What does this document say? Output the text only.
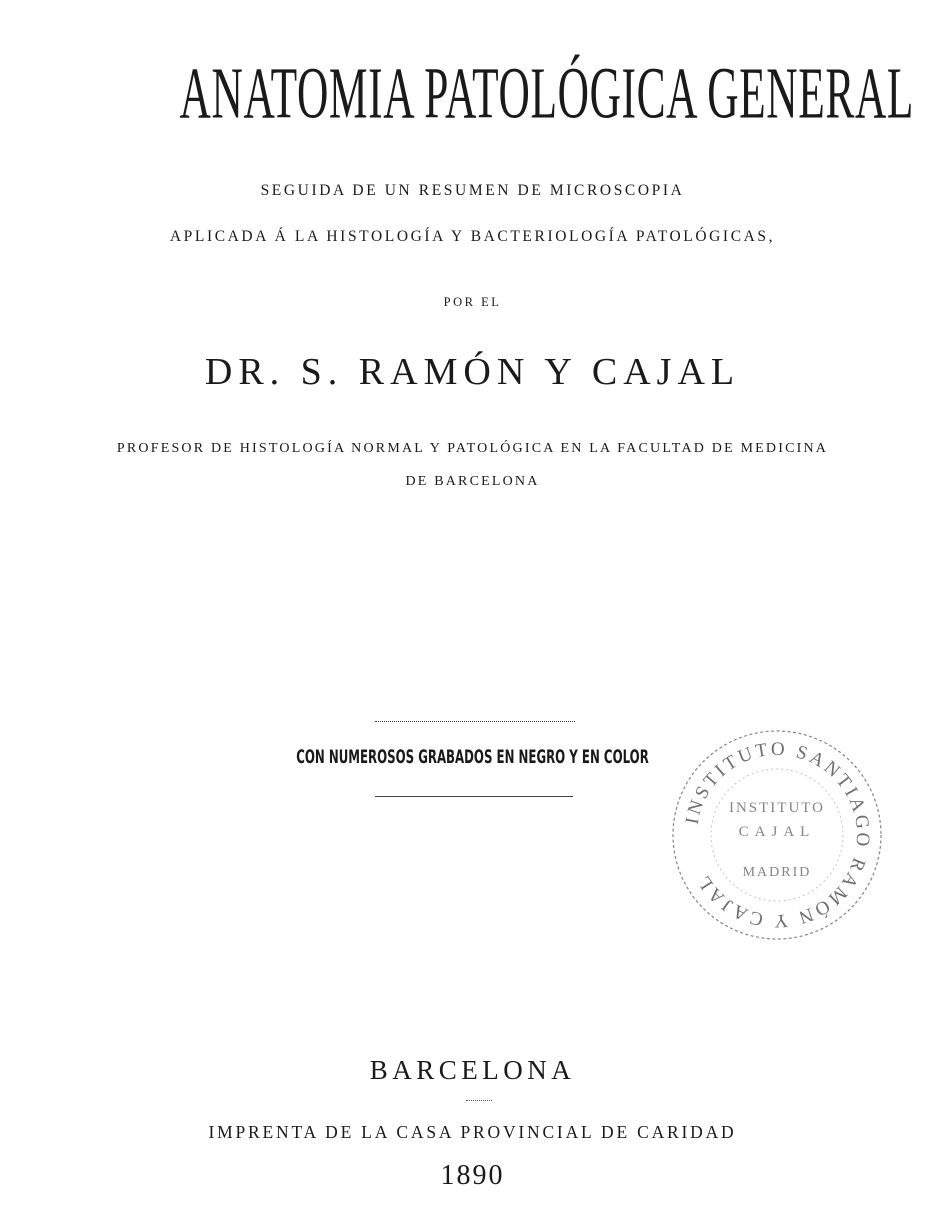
ANATOMIA PATOLÓGICA GENERAL
SEGUIDA DE UN RESUMEN DE MICROSCOPIA
APLICADA Á LA HISTOLOGÍA Y BACTERIOLOGÍA PATOLÓGICAS,
POR EL
DR. S. RAMÓN Y CAJAL
PROFESOR DE HISTOLOGÍA NORMAL Y PATOLÓGICA EN LA FACULTAD DE MEDICINA
DE BARCELONA
CON NUMEROSOS GRABADOS EN NEGRO Y EN COLOR
INSTITUTO SANTIAGO RAMÓN Y CAJAL
INSTITUTO
CAJAL
MADRID
BARCELONA
IMPRENTA DE LA CASA PROVINCIAL DE CARIDAD
1890
